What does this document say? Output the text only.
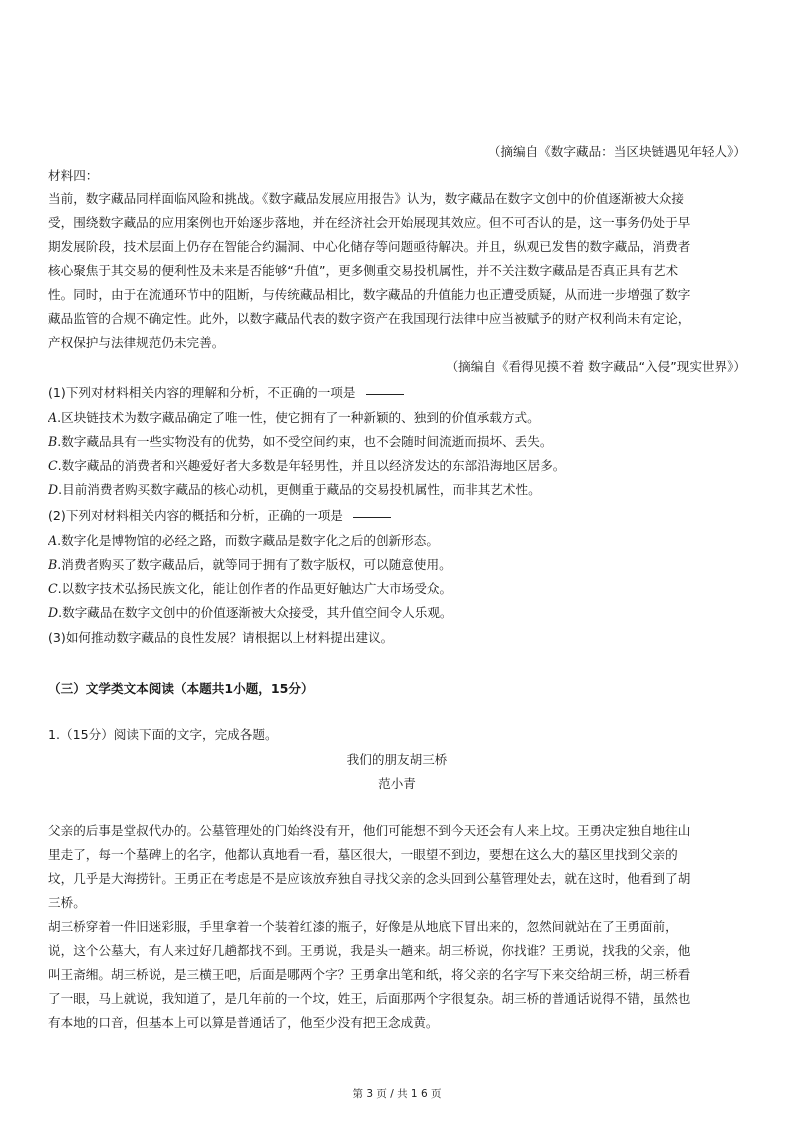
（摘编自《数字藏品：当区块链遇见年轻人》）
材料四：
当前，数字藏品同样面临风险和挑战。《数字藏品发展应用报告》认为，数字藏品在数字文创中的价值逐渐被大众接
受，围绕数字藏品的应用案例也开始逐步落地，并在经济社会开始展现其效应。但不可否认的是，这一事务仍处于早
期发展阶段，技术层面上仍存在智能合约漏洞、中心化储存等问题亟待解决。并且，纵观已发售的数字藏品，消费者
核心聚焦于其交易的便利性及未来是否能够“升值”，更多侧重交易投机属性，并不关注数字藏品是否真正具有艺术
性。同时，由于在流通环节中的阻断，与传统藏品相比，数字藏品的升值能力也正遭受质疑，从而进一步增强了数字
藏品监管的合规不确定性。此外，以数字藏品代表的数字资产在我国现行法律中应当被赋予的财产权利尚未有定论，
产权保护与法律规范仍未完善。
（摘编自《看得见摸不着 数字藏品“入侵”现实世界》）
(1)下列对材料相关内容的理解和分析，不正确的一项是
A.区块链技术为数字藏品确定了唯一性，使它拥有了一种新颖的、独到的价值承载方式。
B.数字藏品具有一些实物没有的优势，如不受空间约束，也不会随时间流逝而损坏、丢失。
C.数字藏品的消费者和兴趣爱好者大多数是年轻男性，并且以经济发达的东部沿海地区居多。
D.目前消费者购买数字藏品的核心动机，更侧重于藏品的交易投机属性，而非其艺术性。
(2)下列对材料相关内容的概括和分析，正确的一项是
A.数字化是博物馆的必经之路，而数字藏品是数字化之后的创新形态。
B.消费者购买了数字藏品后，就等同于拥有了数字版权，可以随意使用。
C.以数字技术弘扬民族文化，能让创作者的作品更好触达广大市场受众。
D.数字藏品在数字文创中的价值逐渐被大众接受，其升值空间令人乐观。
(3)如何推动数字藏品的良性发展？请根据以上材料提出建议。
（三）文学类文本阅读（本题共1小题，15分）
1.（15分）阅读下面的文字，完成各题。
我们的朋友胡三桥
范小青
父亲的后事是堂叔代办的。公墓管理处的门始终没有开，他们可能想不到今天还会有人来上坟。王勇决定独自地往山
里走了，每一个墓碑上的名字，他都认真地看一看，墓区很大，一眼望不到边，要想在这么大的墓区里找到父亲的
坟，几乎是大海捞针。王勇正在考虑是不是应该放弃独自寻找父亲的念头回到公墓管理处去，就在这时，他看到了胡
三桥。
胡三桥穿着一件旧迷彩服，手里拿着一个装着红漆的瓶子，好像是从地底下冒出来的，忽然间就站在了王勇面前，
说，这个公墓大，有人来过好几趟都找不到。王勇说，我是头一趟来。胡三桥说，你找谁？王勇说，找我的父亲，他
叫王斋缃。胡三桥说，是三横王吧，后面是哪两个字？王勇拿出笔和纸，将父亲的名字写下来交给胡三桥，胡三桥看
了一眼，马上就说，我知道了，是几年前的一个坟，姓王，后面那两个字很复杂。胡三桥的普通话说得不错，虽然也
有本地的口音，但基本上可以算是普通话了，他至少没有把王念成黄。
第 3 页 / 共 1 6 页
